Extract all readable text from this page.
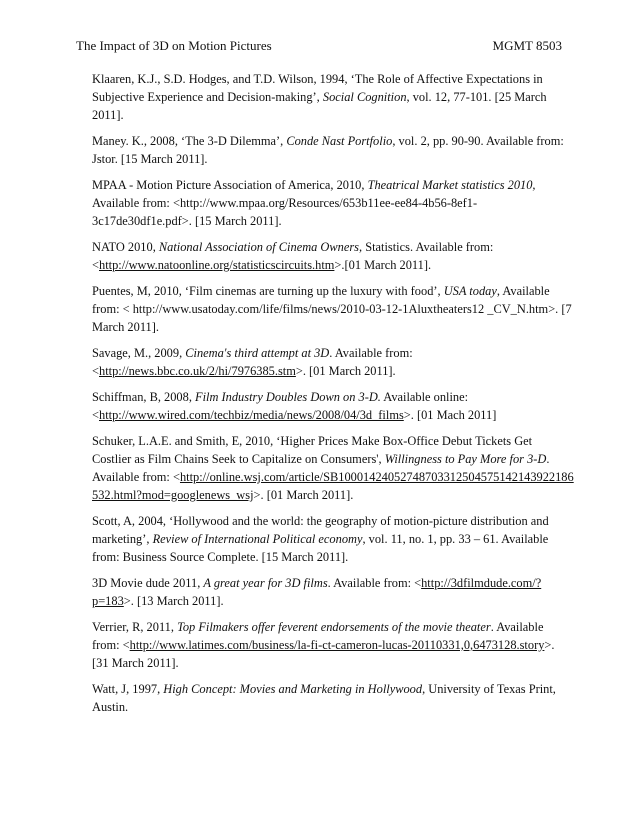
The Impact of 3D on Motion Pictures	MGMT 8503

Klaaren, K.J., S.D. Hodges, and T.D. Wilson, 1994, ‘The Role of Affective Expectations in Subjective Experience and Decision-making’, Social Cognition, vol. 12, 77-101. [25 March 2011].

Maney. K., 2008, ‘The 3-D Dilemma’, Conde Nast Portfolio, vol. 2, pp. 90-90. Available from: Jstor. [15 March 2011].

MPAA - Motion Picture Association of America, 2010, Theatrical Market statistics 2010, Available from: <http://www.mpaa.org/Resources/653b11ee-ee84-4b56-8ef1-3c17de30df1e.pdf>. [15 March 2011].

NATO 2010, National Association of Cinema Owners, Statistics. Available from: <http://www.natoonline.org/statisticscircuits.htm>.[01 March 2011].

Puentes, M, 2010, ‘Film cinemas are turning up the luxury with food’, USA today, Available from: < http://www.usatoday.com/life/films/news/2010-03-12-1Aluxtheaters12 _CV_N.htm>. [7 March 2011].

Savage, M., 2009, Cinema's third attempt at 3D. Available from: <http://news.bbc.co.uk/2/hi/7976385.stm>. [01 March 2011].

Schiffman, B, 2008, Film Industry Doubles Down on 3-D. Available online: <http://www.wired.com/techbiz/media/news/2008/04/3d_films>. [01 Mach 2011]

Schuker, L.A.E. and Smith, E, 2010, ‘Higher Prices Make Box-Office Debut Tickets Get Costlier as Film Chains Seek to Capitalize on Consumers', Willingness to Pay More for 3-D. Available from: <http://online.wsj.com/article/SB10001424052748703312504575142143922186532.html?mod=googlenews_wsj>. [01 March 2011].

Scott, A, 2004, ‘Hollywood and the world: the geography of motion-picture distribution and marketing’, Review of International Political economy, vol. 11, no. 1, pp. 33 – 61. Available from: Business Source Complete. [15 March 2011].

3D Movie dude 2011, A great year for 3D films. Available from: <http://3dfilmdude.com/?p=183>. [13 March 2011].

Verrier, R, 2011, Top Filmakers offer feverent endorsements of the movie theater. Available from: <http://www.latimes.com/business/la-fi-ct-cameron-lucas-20110331,0,6473128.story>. [31 March 2011].

Watt, J, 1997, High Concept: Movies and Marketing in Hollywood, University of Texas Print, Austin.
